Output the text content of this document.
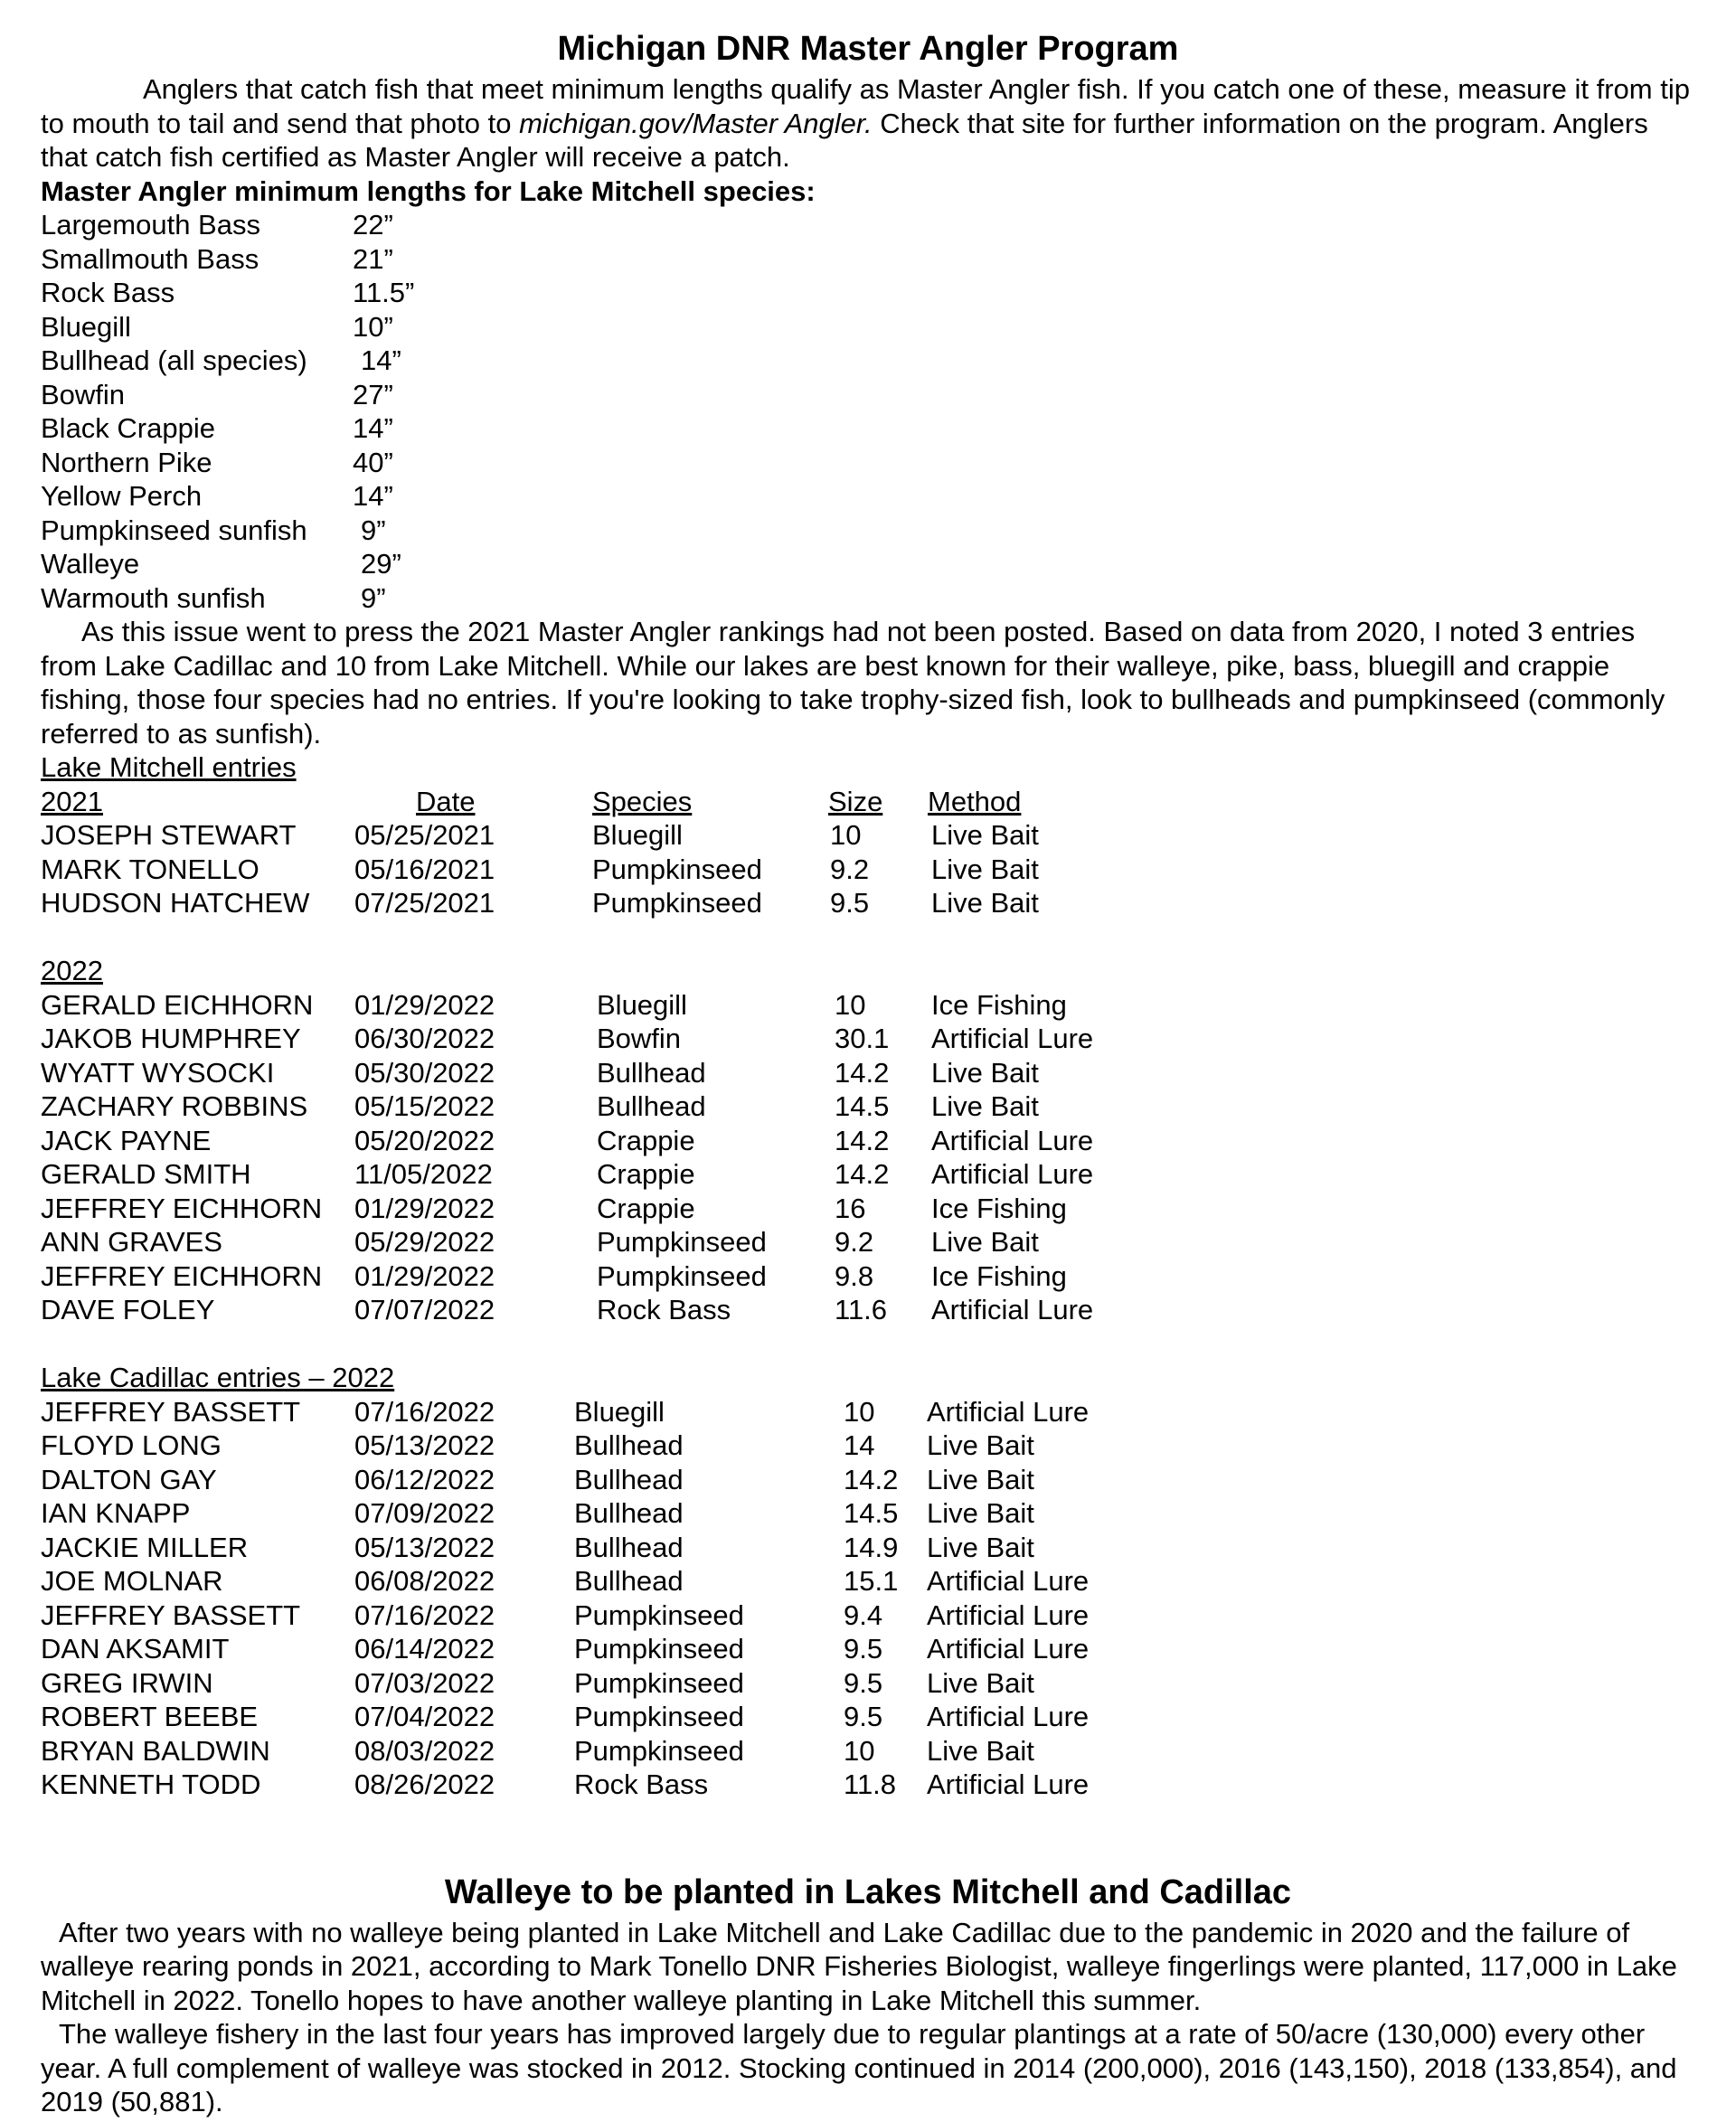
Michigan DNR Master Angler Program

Anglers that catch fish that meet minimum lengths qualify as Master Angler fish. If you catch one of these, measure it from tip to mouth to tail and send that photo to michigan.gov/Master Angler. Check that site for further information on the program. Anglers that catch fish certified as Master Angler will receive a patch.

Master Angler minimum lengths for Lake Mitchell species:
Largemouth Bass	22”
Smallmouth Bass	21”
Rock Bass	11.5”
Bluegill	10”
Bullhead (all species) 14”
Bowfin	27”
Black Crappie	14”
Northern Pike	40”
Yellow Perch	14”
Pumpkinseed sunfish 9”
Walleye	29”
Warmouth sunfish	9”

As this issue went to press the 2021 Master Angler rankings had not been posted. Based on data from 2020, I noted 3 entries from Lake Cadillac and 10 from Lake Mitchell. While our lakes are best known for their walleye, pike, bass, bluegill and crappie fishing, those four species had no entries. If you're looking to take trophy-sized fish, look to bullheads and pumpkinseed (commonly referred to as sunfish).

Lake Mitchell entries
2021	Date	Species	Size Method
JOSEPH STEWART 05/25/2021	Bluegill	10	Live Bait
MARK TONELLO	05/16/2021	Pumpkinseed 9.2 Live Bait
HUDSON HATCHEW 07/25/2021	Pumpkinseed 9.5 Live Bait
2022
GERALD EICHHORN 01/29/2022	Bluegill	10 Ice Fishing
JAKOB HUMPHREY 06/30/2022	Bowfin	30.1 Artificial Lure
WYATT WYSOCKI	05/30/2022	Bullhead	14.2 Live Bait
ZACHARY ROBBINS 05/15/2022	Bullhead	14.5 Live Bait
JACK PAYNE	05/20/2022	Crappie	14.2 Artificial Lure
GERALD SMITH	11/05/2022	Crappie	14.2 Artificial Lure
JEFFREY EICHHORN 01/29/2022	Crappie	16 Ice Fishing
ANN GRAVES	05/29/2022	Pumpkinseed 9.2 Live Bait
JEFFREY EICHHORN 01/29/2022	Pumpkinseed 9.8 Ice Fishing
DAVE FOLEY	07/07/2022	Rock Bass	11.6 Artificial Lure
Lake Cadillac entries – 2022
JEFFREY BASSETT 07/16/2022	Bluegill	10 Artificial Lure
FLOYD LONG	05/13/2022	Bullhead	14 Live Bait
DALTON GAY	06/12/2022	Bullhead	14.2 Live Bait
IAN KNAPP	07/09/2022	Bullhead	14.5 Live Bait
JACKIE MILLER	05/13/2022	Bullhead	14.9 Live Bait
JOE MOLNAR	06/08/2022	Bullhead	15.1 Artificial Lure
JEFFREY BASSETT 07/16/2022	Pumpkinseed	9.4 Artificial Lure
DAN AKSAMIT	06/14/2022	Pumpkinseed	9.5 Artificial Lure
GREG IRWIN	07/03/2022	Pumpkinseed	9.5 Live Bait
ROBERT BEEBE	07/04/2022	Pumpkinseed	9.5 Artificial Lure
BRYAN BALDWIN	08/03/2022	Pumpkinseed	10 Live Bait
KENNETH TODD	08/26/2022	Rock Bass	11.8 Artificial Lure
Walleye to be planted in Lakes Mitchell and Cadillac

After two years with no walleye being planted in Lake Mitchell and Lake Cadillac due to the pandemic in 2020 and the failure of walleye rearing ponds in 2021, according to Mark Tonello DNR Fisheries Biologist, walleye fingerlings were planted, 117,000 in Lake Mitchell in 2022. Tonello hopes to have another walleye planting in Lake Mitchell this summer.

The walleye fishery in the last four years has improved largely due to regular plantings at a rate of 50/acre (130,000) every other year. A full complement of walleye was stocked in 2012. Stocking continued in 2014 (200,000), 2016 (143,150), 2018 (133,854), and 2019 (50,881).
